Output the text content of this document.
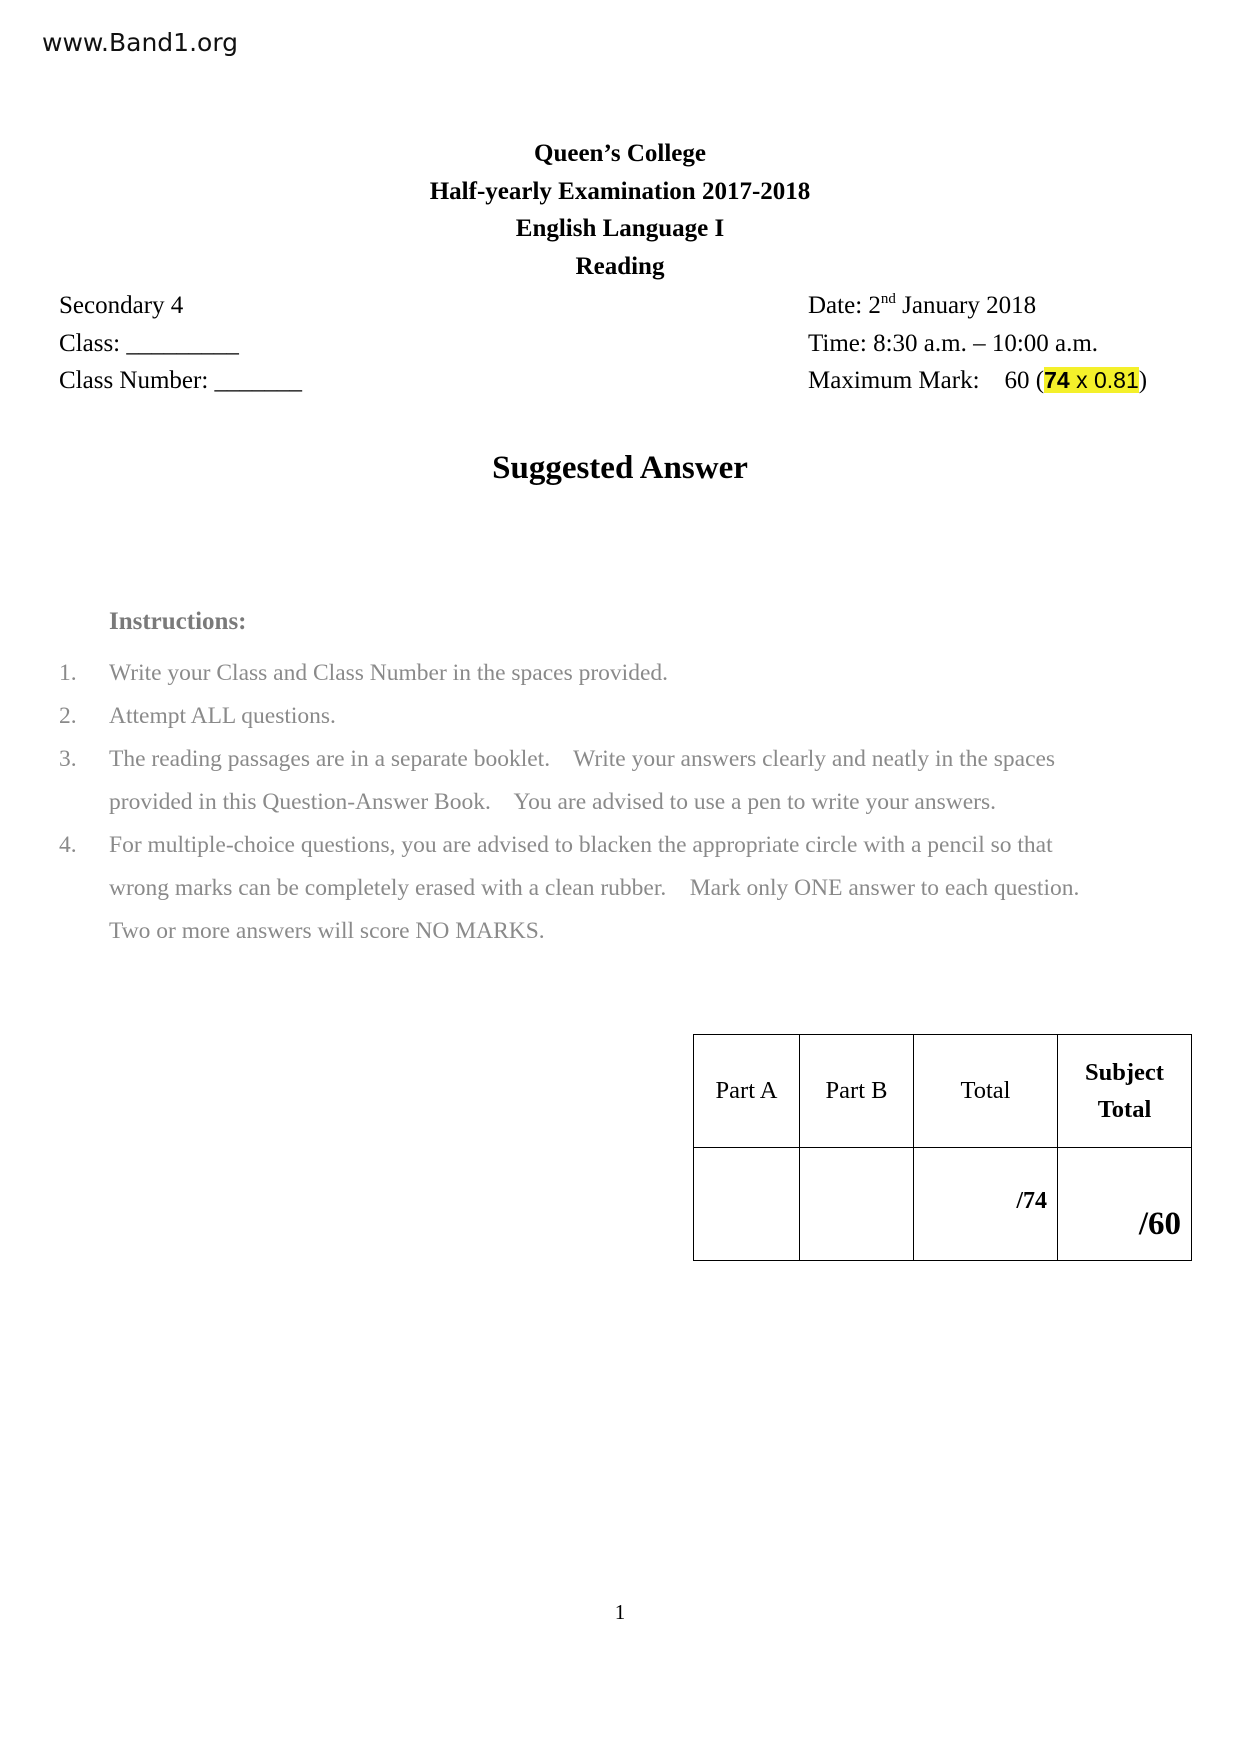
www.Band1.org
Queen’s College
Half-yearly Examination 2017-2018
English Language I
Reading
Secondary 4
Class: _________
Class Number: _______
Date: 2nd January 2018
Time: 8:30 a.m. – 10:00 a.m.
Maximum Mark:    60 (74 x 0.81)
Suggested Answer
Instructions:
1. Write your Class and Class Number in the spaces provided.
2. Attempt ALL questions.
3. The reading passages are in a separate booklet.    Write your answers clearly and neatly in the spaces
provided in this Question-Answer Book.    You are advised to use a pen to write your answers.
4. For multiple-choice questions, you are advised to blacken the appropriate circle with a pencil so that
wrong marks can be completely erased with a clean rubber.    Mark only ONE answer to each question.
Two or more answers will score NO MARKS.
Part A	Part B	Total	Subject
Total

		/74	/60
1
